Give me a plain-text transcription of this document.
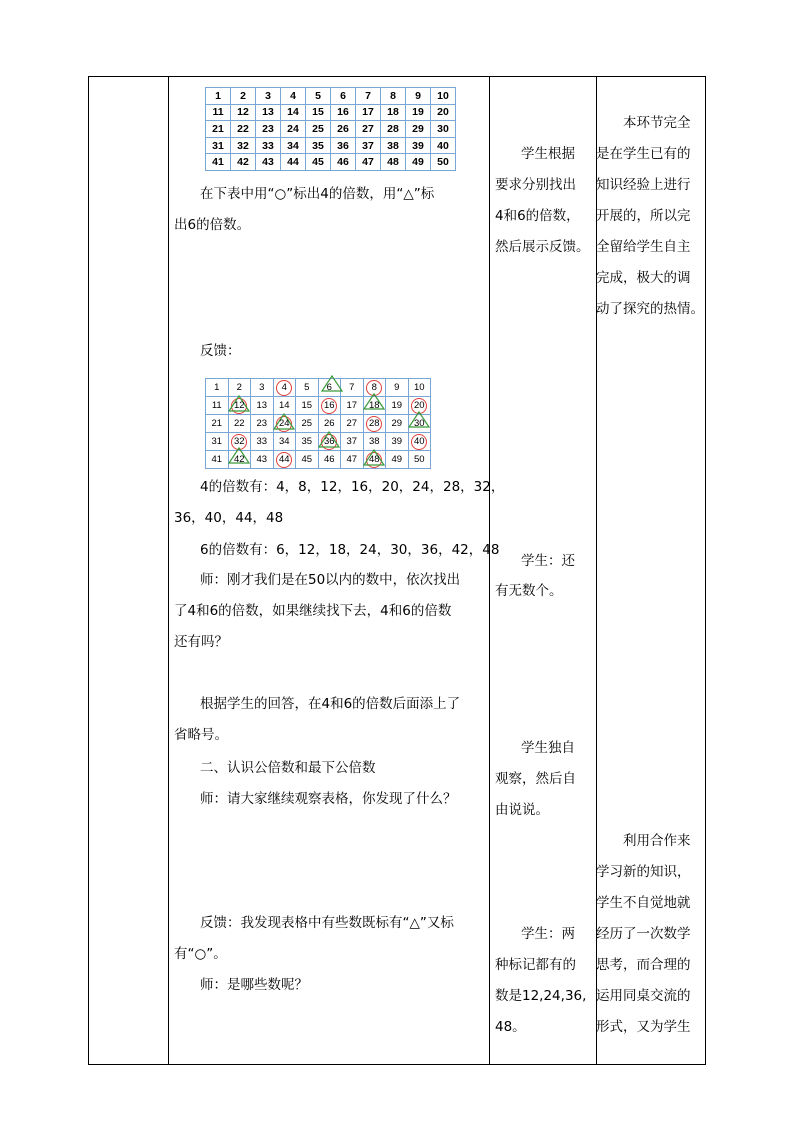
1	2	3	4	5	6	7	8	9	10
11	12	13	14	15	16	17	18	19	20
21	22	23	24	25	26	27	28	29	30
31	32	33	34	35	36	37	38	39	40
41	42	43	44	45	46	47	48	49	50

在下表中用“○”标出4的倍数，用“△”标

出6的倍数。

反馈：

1	2	3	4	5	6	7	8	9	10
11	12	13	14	15	16	17	18	19	20
21	22	23	24	25	26	27	28	29	30
31	32	33	34	35	36	37	38	39	40
41	42	43	44	45	46	47	48	49	50

4的倍数有：4，8，12，16，20，24，28，32，

36，40，44，48

6的倍数有：6，12，18，24，30，36，42，48

师：刚才我们是在50以内的数中，依次找出

了4和6的倍数，如果继续找下去，4和6的倍数

还有吗？

根据学生的回答，在4和6的倍数后面添上了

省略号。

二、认识公倍数和最下公倍数

师：请大家继续观察表格，你发现了什么？

反馈：我发现表格中有些数既标有“△”又标

有“○”。

师：是哪些数呢？

学生根据

要求分别找出

4和6的倍数，

然后展示反馈。

学生：还

有无数个。

学生独自

观察，然后自

由说说。

学生：两

种标记都有的

数是12,24,36,

48。

本环节完全

是在学生已有的

知识经验上进行

开展的，所以完

全留给学生自主

完成，极大的调

动了探究的热情。

利用合作来

学习新的知识，

学生不自觉地就

经历了一次数学

思考，而合理的

运用同桌交流的

形式，又为学生
